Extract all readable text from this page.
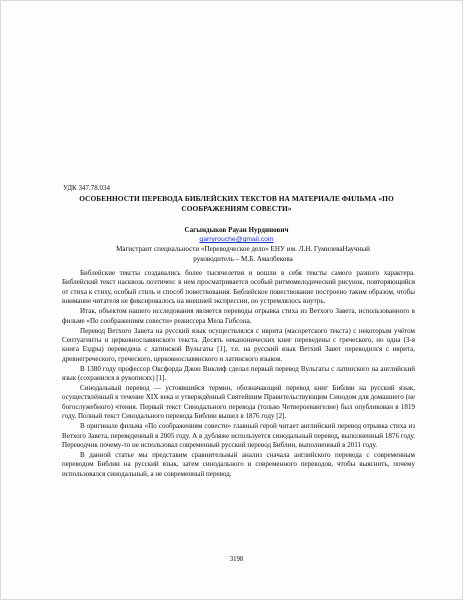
УДК 347.78.034
ОСОБЕННОСТИ ПЕРЕВОДА БИБЛЕЙСКИХ ТЕКСТОВ НА МАТЕРИАЛЕ ФИЛЬМА «ПО СООБРАЖЕНИЯМ СОВЕСТИ»
Сагындыков Рауан Нурдинович
garryrouche@gmail.com
Магистрант специальности «Переводческое дело» ЕНУ им. Л.Н. ГумилеваНаучный руководитель – М.Б. Амалбекова

Библейские тексты создавались более тысячелетия и вошли в себя тексты самого разного характера. Библейский текст насквозь поэтичен: в нем просматривается особый ритмомелодический рисунок, повторяющийся от стиха к стиху, особый стиль и способ повествования. Библейское повествование построено таким образом, чтобы внимание читателя не фиксировалось на внешней экспрессии, но устремлялось внутрь.

Итак, объектом нашего исследования является переводы отрывка стиха из Ветхого Завета, использованного в фильме «По соображениям совести» режиссера Мела Гибсона.

Перевод Ветхого Завета на русский язык осуществлялся с иврита (масоретского текста) с некоторым учётом Септуагинты и церковнославянского текста. Десять неканонических книг переведены с греческого, но одна (3-я книга Ездры) переведена с латинской Вульгаты [1], т.е. на русский язык Ветхий Завет переводился с иврита, древнегреческого, греческого, церковнославянского и латинского языков.

В 1380 году профессор Оксфорда Джон Виклиф сделал первый перевод Вульгаты с латинского на английский язык (сохранился в рукописях) [1].

Синодальный перевод — устоявшийся термин, обозначающий перевод книг Библии на русский язык, осуществлённый в течение XIX века и утверждённый Святейшим Правительствующим Синодом для домашнего (не богослужебного) чтения. Первый текст Синодального перевода (только Четвероевангелие) был опубликован в 1819 году. Полный текст Синодального перевода Библии вышел в 1876 году [2].

В оригинале фильма «По соображениям совести» главный герой читает английский перевод отрывка стиха из Ветхого Завета, переведенный в 2005 году. А в дубляже используется синодальный перевод, выполненный 1876 году. Переводчик почему-то не использовал современный русский перевод Библии, выполненный в 2011 году.

В данной статье мы представим сравнительный анализ сначала английского перевода с современным переводом Библии на русский язык, затем синодального и современного переводов, чтобы выяснить, почему использовался синодальный, а не современный перевод.

3198
